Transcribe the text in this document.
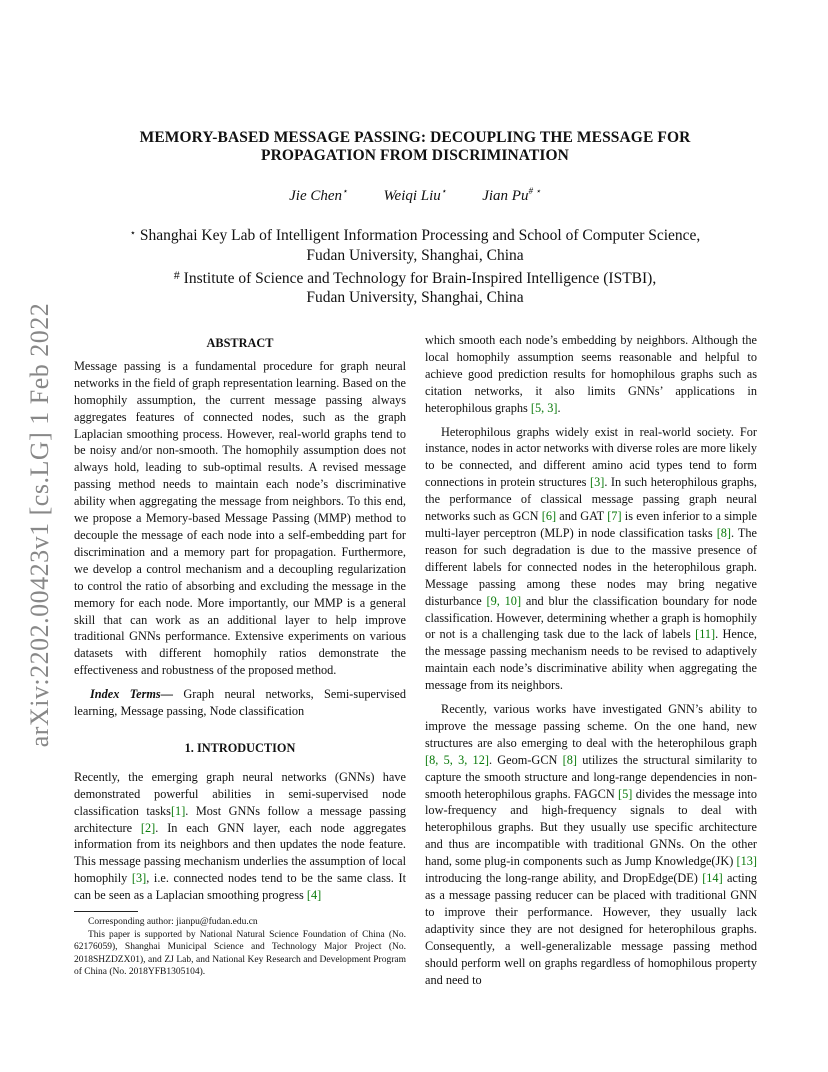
arXiv:2202.00423v1 [cs.LG] 1 Feb 2022
MEMORY-BASED MESSAGE PASSING: DECOUPLING THE MESSAGE FOR
PROPAGATION FROM DISCRIMINATION
Jie Chen⋆ Weiqi Liu⋆ Jian Pu# ⋆
⋆ Shanghai Key Lab of Intelligent Information Processing and School of Computer Science,
Fudan University, Shanghai, China
# Institute of Science and Technology for Brain-Inspired Intelligence (ISTBI),
Fudan University, Shanghai, China

ABSTRACT

Message passing is a fundamental procedure for graph neural networks in the field of graph representation learning. Based on the homophily assumption, the current message passing always aggregates features of connected nodes, such as the graph Laplacian smoothing process. However, real-world graphs tend to be noisy and/or non-smooth. The homophily assumption does not always hold, leading to sub-optimal results. A revised message passing method needs to maintain each node’s discriminative ability when aggregating the message from neighbors. To this end, we propose a Memory-based Message Passing (MMP) method to decouple the message of each node into a self-embedding part for discrimination and a memory part for propagation. Furthermore, we develop a control mechanism and a decoupling regularization to control the ratio of absorbing and excluding the message in the memory for each node. More importantly, our MMP is a general skill that can work as an additional layer to help improve traditional GNNs performance. Extensive experiments on various datasets with different homophily ratios demonstrate the effectiveness and robustness of the proposed method.

Index Terms— Graph neural networks, Semi-supervised learning, Message passing, Node classification

1. INTRODUCTION

Recently, the emerging graph neural networks (GNNs) have demonstrated powerful abilities in semi-supervised node classification tasks[1]. Most GNNs follow a message passing architecture [2]. In each GNN layer, each node aggregates information from its neighbors and then updates the node feature. This message passing mechanism underlies the assumption of local homophily [3], i.e. connected nodes tend to be the same class. It can be seen as a Laplacian smoothing progress [4]

Corresponding author: jianpu@fudan.edu.cn

This paper is supported by National Natural Science Foundation of China (No. 62176059), Shanghai Municipal Science and Technology Major Project (No. 2018SHZDZX01), and ZJ Lab, and National Key Research and Development Program of China (No. 2018YFB1305104).

which smooth each node’s embedding by neighbors. Although the local homophily assumption seems reasonable and helpful to achieve good prediction results for homophilous graphs such as citation networks, it also limits GNNs’ applications in heterophilous graphs [5, 3].

Heterophilous graphs widely exist in real-world society. For instance, nodes in actor networks with diverse roles are more likely to be connected, and different amino acid types tend to form connections in protein structures [3]. In such heterophilous graphs, the performance of classical message passing graph neural networks such as GCN [6] and GAT [7] is even inferior to a simple multi-layer perceptron (MLP) in node classification tasks [8]. The reason for such degradation is due to the massive presence of different labels for connected nodes in the heterophilous graph. Message passing among these nodes may bring negative disturbance [9, 10] and blur the classification boundary for node classification. However, determining whether a graph is homophily or not is a challenging task due to the lack of labels [11]. Hence, the message passing mechanism needs to be revised to adaptively maintain each node’s discriminative ability when aggregating the message from its neighbors.

Recently, various works have investigated GNN’s ability to improve the message passing scheme. On the one hand, new structures are also emerging to deal with the heterophilous graph [8, 5, 3, 12]. Geom-GCN [8] utilizes the structural similarity to capture the smooth structure and long-range dependencies in non-smooth heterophilous graphs. FAGCN [5] divides the message into low-frequency and high-frequency signals to deal with heterophilous graphs. But they usually use specific architecture and thus are incompatible with traditional GNNs. On the other hand, some plug-in components such as Jump Knowledge(JK) [13] introducing the long-range ability, and DropEdge(DE) [14] acting as a message passing reducer can be placed with traditional GNN to improve their performance. However, they usually lack adaptivity since they are not designed for heterophilous graphs. Consequently, a well-generalizable message passing method should perform well on graphs regardless of homophilous property and need to
